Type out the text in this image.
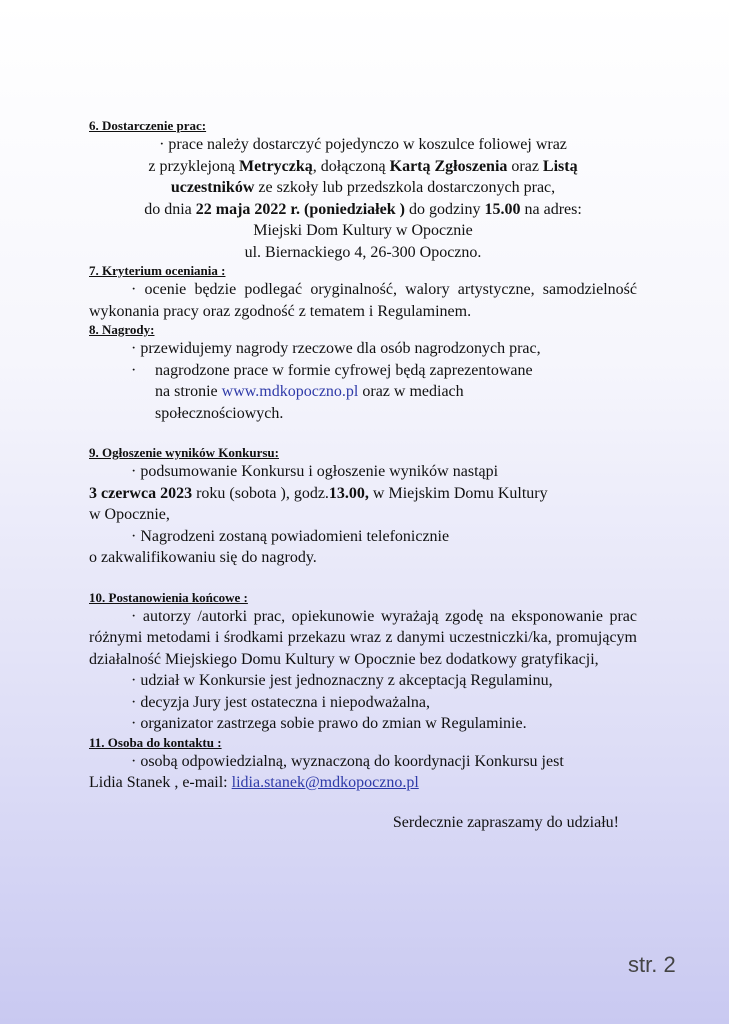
6. Dostarczenie prac:

· prace należy dostarczyć pojedynczo w koszulce foliowej wraz

z przyklejoną Metryczką, dołączoną Kartą Zgłoszenia oraz Listą

uczestników ze szkoły lub przedszkola dostarczonych prac,

do dnia 22 maja 2022 r. (poniedziałek ) do godziny 15.00 na adres:

Miejski Dom Kultury w Opocznie

ul. Biernackiego 4, 26-300 Opoczno.

7. Kryterium oceniania :

· ocenie będzie podlegać oryginalność, walory artystyczne, samodzielność wykonania pracy oraz zgodność z tematem i Regulaminem.

8. Nagrody:

· przewidujemy nagrody rzeczowe dla osób nagrodzonych prac,

·	nagrodzone prace w formie cyfrowej będą zaprezentowane
na stronie www.mdkopoczno.pl oraz w mediach
społecznościowych.

9. Ogłoszenie wyników Konkursu:

· podsumowanie Konkursu i ogłoszenie wyników nastąpi

3 czerwca 2023 roku (sobota ), godz.13.00, w Miejskim Domu Kultury

w Opocznie,

· Nagrodzeni zostaną powiadomieni telefonicznie

o zakwalifikowaniu się do nagrody.

10. Postanowienia końcowe :

· autorzy /autorki prac, opiekunowie wyrażają zgodę na eksponowanie prac różnymi metodami i środkami przekazu wraz z danymi uczestniczki/ka, promującym działalność Miejskiego Domu Kultury w Opocznie bez dodatkowy gratyfikacji,

· udział w Konkursie jest jednoznaczny z akceptacją Regulaminu,

· decyzja Jury jest ostateczna i niepodważalna,

· organizator zastrzega sobie prawo do zmian w Regulaminie.

11. Osoba do kontaktu :

· osobą odpowiedzialną, wyznaczoną do koordynacji Konkursu jest

Lidia Stanek , e-mail: lidia.stanek@mdkopoczno.pl

Serdecznie zapraszamy do udziału!

str. 2
